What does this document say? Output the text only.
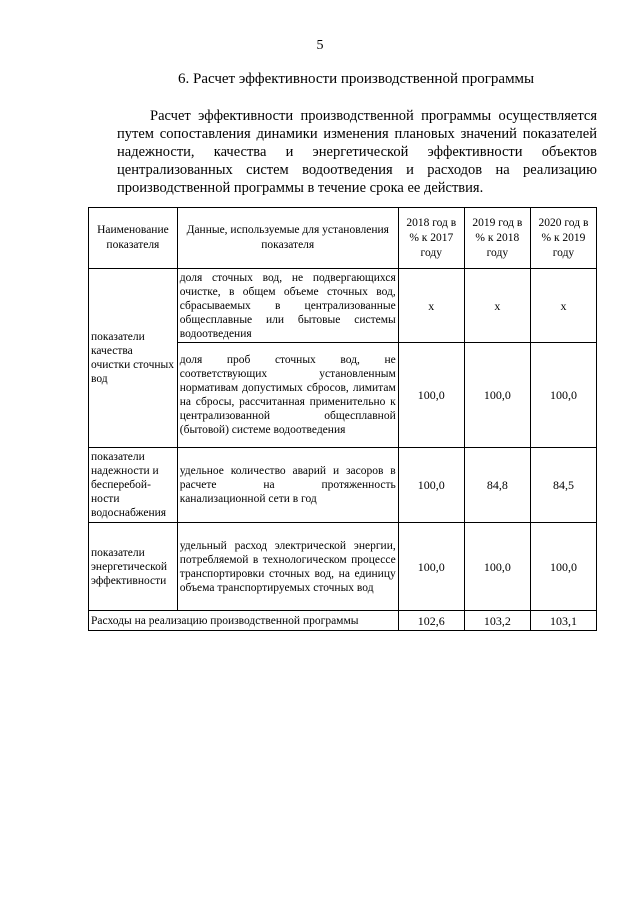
5
6. Расчет эффективности производственной программы
Расчет эффективности производственной программы осуществляется
путем сопоставления динамики изменения плановых значений показателей
надежности, качества и энергетической эффективности объектов
централизованных систем водоотведения и расходов на реализацию
производственной программы в течение срока ее действия.
Наименование показателя	Данные, используемые для установления показателя	2018 год в % к 2017 году	2019 год в % к 2018 году	2020 год в % к 2019 году
показатели качества очистки сточных вод	доля сточных вод, не подвергающихся очистке, в общем объеме сточных вод, сбрасываемых в централизованные общесплавные или бытовые системы водоотведения	х	х	х
	доля проб сточных вод, не соответствующих установленным нормативам допустимых сбросов, лимитам на сбросы, рассчитанная применительно к централизованной общесплавной (бытовой) системе водоотведения	100,0	100,0	100,0
показатели надежности и бесперебой-ности водоснабжения	удельное количество аварий и засоров в расчете на протяженность канализационной сети в год	100,0	84,8	84,5
показатели энергетической эффективности	удельный расход электрической энергии, потребляемой в технологическом процессе транспортировки сточных вод, на единицу объема транспортируемых сточных вод	100,0	100,0	100,0
Расходы на реализацию производственной программы		102,6	103,2	103,1
